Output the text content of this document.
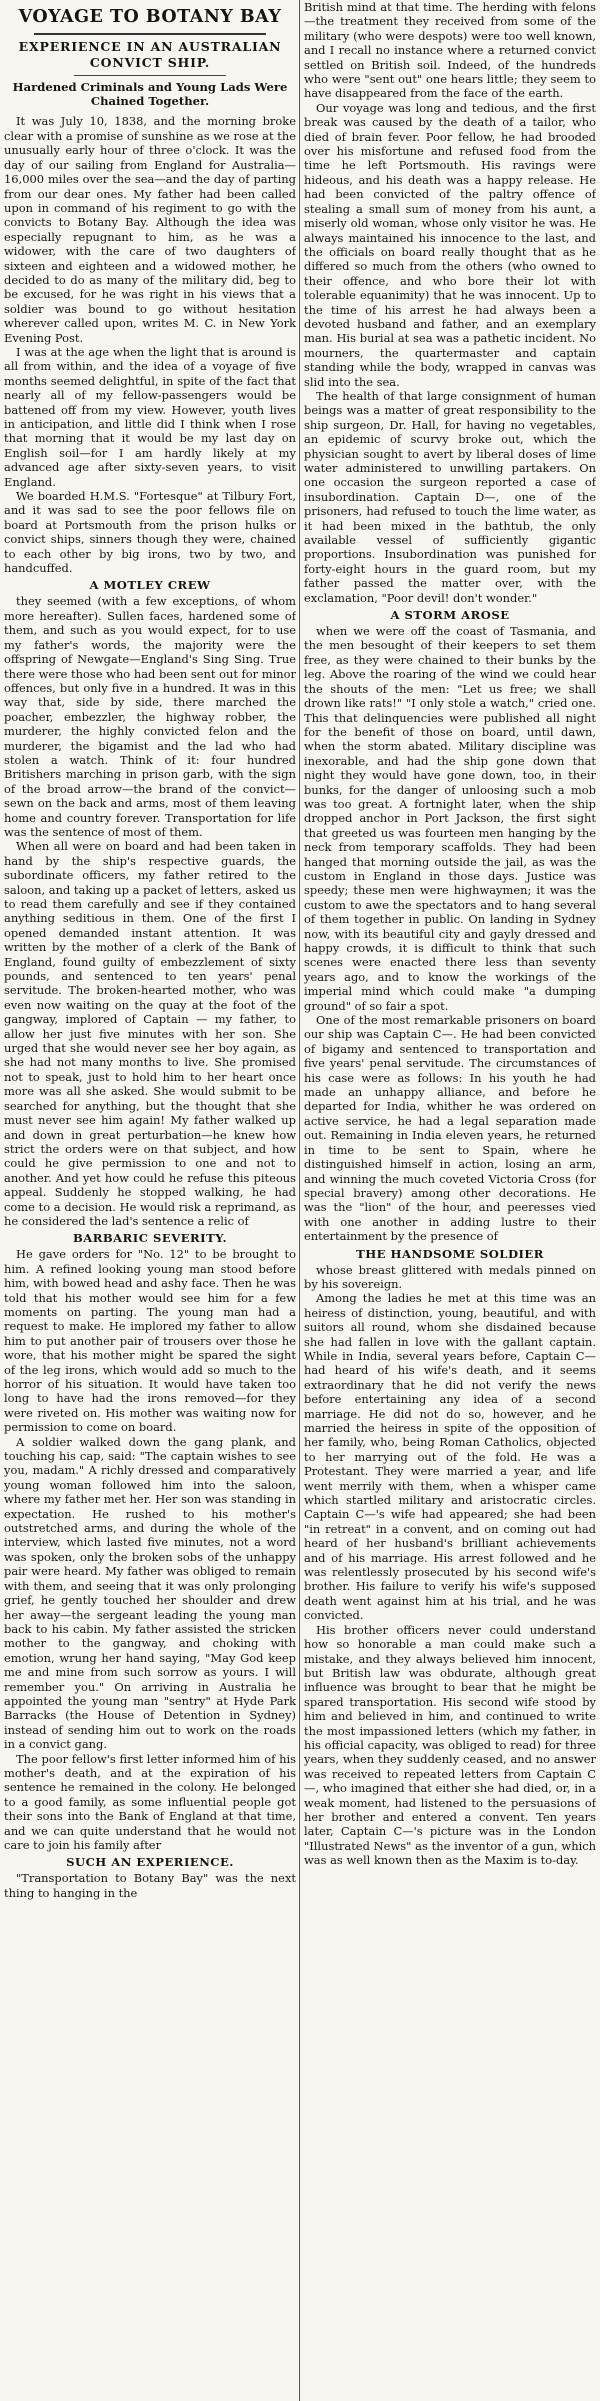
VOYAGE TO BOTANY BAY
EXPERIENCE IN AN AUSTRALIAN CONVICT SHIP.
Hardened Criminals and Young Lads Were Chained Together.

It was July 10, 1838, and the morning broke clear with a promise of sunshine as we rose at the unusually early hour of three o'clock. It was the day of our sailing from England for Australia—16,000 miles over the sea—and the day of parting from our dear ones. My father had been called upon in command of his regiment to go with the convicts to Botany Bay. Although the idea was especially repugnant to him, as he was a widower, with the care of two daughters of sixteen and eighteen and a widowed mother, he decided to do as many of the military did, beg to be excused, for he was right in his views that a soldier was bound to go without hesitation wherever called upon, writes M. C. in New York Evening Post.

I was at the age when the light that is around is all from within, and the idea of a voyage of five months seemed delightful, in spite of the fact that nearly all of my fellow-passengers would be battened off from my view. However, youth lives in anticipation, and little did I think when I rose that morning that it would be my last day on English soil—for I am hardly likely at my advanced age after sixty-seven years, to visit England.

We boarded H.M.S. "Fortesque" at Tilbury Fort, and it was sad to see the poor fellows file on board at Portsmouth from the prison hulks or convict ships, sinners though they were, chained to each other by big irons, two by two, and handcuffed.

A MOTLEY CREW

they seemed (with a few exceptions, of whom more hereafter). Sullen faces, hardened some of them, and such as you would expect, for to use my father's words, the majority were the offspring of Newgate—England's Sing Sing. True there were those who had been sent out for minor offences, but only five in a hundred. It was in this way that, side by side, there marched the poacher, embezzler, the highway robber, the murderer, the highly convicted felon and the murderer, the bigamist and the lad who had stolen a watch. Think of it: four hundred Britishers marching in prison garb, with the sign of the broad arrow—the brand of the convict—sewn on the back and arms, most of them leaving home and country forever. Transportation for life was the sentence of most of them.

When all were on board and had been taken in hand by the ship's respective guards, the subordinate officers, my father retired to the saloon, and taking up a packet of letters, asked us to read them carefully and see if they contained anything seditious in them. One of the first I opened demanded instant attention. It was written by the mother of a clerk of the Bank of England, found guilty of embezzlement of sixty pounds, and sentenced to ten years' penal servitude. The broken-hearted mother, who was even now waiting on the quay at the foot of the gangway, implored of Captain — my father, to allow her just five minutes with her son. She urged that she would never see her boy again, as she had not many months to live. She promised not to speak, just to hold him to her heart once more was all she asked. She would submit to be searched for anything, but the thought that she must never see him again! My father walked up and down in great perturbation—he knew how strict the orders were on that subject, and how could he give permission to one and not to another. And yet how could he refuse this piteous appeal. Suddenly he stopped walking, he had come to a decision. He would risk a reprimand, as he considered the lad's sentence a relic of

BARBARIC SEVERITY.

He gave orders for "No. 12" to be brought to him. A refined looking young man stood before him, with bowed head and ashy face. Then he was told that his mother would see him for a few moments on parting. The young man had a request to make. He implored my father to allow him to put another pair of trousers over those he wore, that his mother might be spared the sight of the leg irons, which would add so much to the horror of his situation. It would have taken too long to have had the irons removed—for they were riveted on. His mother was waiting now for permission to come on board.

A soldier walked down the gang plank, and touching his cap, said: "The captain wishes to see you, madam." A richly dressed and comparatively young woman followed him into the saloon, where my father met her. Her son was standing in expectation. He rushed to his mother's outstretched arms, and during the whole of the interview, which lasted five minutes, not a word was spoken, only the broken sobs of the unhappy pair were heard. My father was obliged to remain with them, and seeing that it was only prolonging grief, he gently touched her shoulder and drew her away—the sergeant leading the young man back to his cabin. My father assisted the stricken mother to the gangway, and choking with emotion, wrung her hand saying, "May God keep me and mine from such sorrow as yours. I will remember you." On arriving in Australia he appointed the young man "sentry" at Hyde Park Barracks (the House of Detention in Sydney) instead of sending him out to work on the roads in a convict gang.

The poor fellow's first letter informed him of his mother's death, and at the expiration of his sentence he remained in the colony. He belonged to a good family, as some influential people got their sons into the Bank of England at that time, and we can quite understand that he would not care to join his family after

SUCH AN EXPERIENCE.

"Transportation to Botany Bay" was the next thing to hanging in the

British mind at that time. The herding with felons—the treatment they received from some of the military (who were despots) were too well known, and I recall no instance where a returned convict settled on British soil. Indeed, of the hundreds who were "sent out" one hears little; they seem to have disappeared from the face of the earth.

Our voyage was long and tedious, and the first break was caused by the death of a tailor, who died of brain fever. Poor fellow, he had brooded over his misfortune and refused food from the time he left Portsmouth. His ravings were hideous, and his death was a happy release. He had been convicted of the paltry offence of stealing a small sum of money from his aunt, a miserly old woman, whose only visitor he was. He always maintained his innocence to the last, and the officials on board really thought that as he differed so much from the others (who owned to their offence, and who bore their lot with tolerable equanimity) that he was innocent. Up to the time of his arrest he had always been a devoted husband and father, and an exemplary man. His burial at sea was a pathetic incident. No mourners, the quartermaster and captain standing while the body, wrapped in canvas was slid into the sea.

The health of that large consignment of human beings was a matter of great responsibility to the ship surgeon, Dr. Hall, for having no vegetables, an epidemic of scurvy broke out, which the physician sought to avert by liberal doses of lime water administered to unwilling partakers. On one occasion the surgeon reported a case of insubordination. Captain D—, one of the prisoners, had refused to touch the lime water, as it had been mixed in the bathtub, the only available vessel of sufficiently gigantic proportions. Insubordination was punished for forty-eight hours in the guard room, but my father passed the matter over, with the exclamation, "Poor devil! don't wonder."

A STORM AROSE

when we were off the coast of Tasmania, and the men besought of their keepers to set them free, as they were chained to their bunks by the leg. Above the roaring of the wind we could hear the shouts of the men: "Let us free; we shall drown like rats!" "I only stole a watch," cried one. This that delinquencies were published all night for the benefit of those on board, until dawn, when the storm abated. Military discipline was inexorable, and had the ship gone down that night they would have gone down, too, in their bunks, for the danger of unloosing such a mob was too great. A fortnight later, when the ship dropped anchor in Port Jackson, the first sight that greeted us was fourteen men hanging by the neck from temporary scaffolds. They had been hanged that morning outside the jail, as was the custom in England in those days. Justice was speedy; these men were highwaymen; it was the custom to awe the spectators and to hang several of them together in public. On landing in Sydney now, with its beautiful city and gayly dressed and happy crowds, it is difficult to think that such scenes were enacted there less than seventy years ago, and to know the workings of the imperial mind which could make "a dumping ground" of so fair a spot.

One of the most remarkable prisoners on board our ship was Captain C—. He had been convicted of bigamy and sentenced to transportation and five years' penal servitude. The circumstances of his case were as follows: In his youth he had made an unhappy alliance, and before he departed for India, whither he was ordered on active service, he had a legal separation made out. Remaining in India eleven years, he returned in time to be sent to Spain, where he distinguished himself in action, losing an arm, and winning the much coveted Victoria Cross (for special bravery) among other decorations. He was the "lion" of the hour, and peeresses vied with one another in adding lustre to their entertainment by the presence of

THE HANDSOME SOLDIER

whose breast glittered with medals pinned on by his sovereign.

Among the ladies he met at this time was an heiress of distinction, young, beautiful, and with suitors all round, whom she disdained because she had fallen in love with the gallant captain. While in India, several years before, Captain C— had heard of his wife's death, and it seems extraordinary that he did not verify the news before entertaining any idea of a second marriage. He did not do so, however, and he married the heiress in spite of the opposition of her family, who, being Roman Catholics, objected to her marrying out of the fold. He was a Protestant. They were married a year, and life went merrily with them, when a whisper came which startled military and aristocratic circles. Captain C—'s wife had appeared; she had been "in retreat" in a convent, and on coming out had heard of her husband's brilliant achievements and of his marriage. His arrest followed and he was relentlessly prosecuted by his second wife's brother. His failure to verify his wife's supposed death went against him at his trial, and he was convicted.

His brother officers never could understand how so honorable a man could make such a mistake, and they always believed him innocent, but British law was obdurate, although great influence was brought to bear that he might be spared transportation. His second wife stood by him and believed in him, and continued to write the most impassioned letters (which my father, in his official capacity, was obliged to read) for three years, when they suddenly ceased, and no answer was received to repeated letters from Captain C—, who imagined that either she had died, or, in a weak moment, had listened to the persuasions of her brother and entered a convent. Ten years later, Captain C—'s picture was in the London "Illustrated News" as the inventor of a gun, which was as well known then as the Maxim is to-day.
